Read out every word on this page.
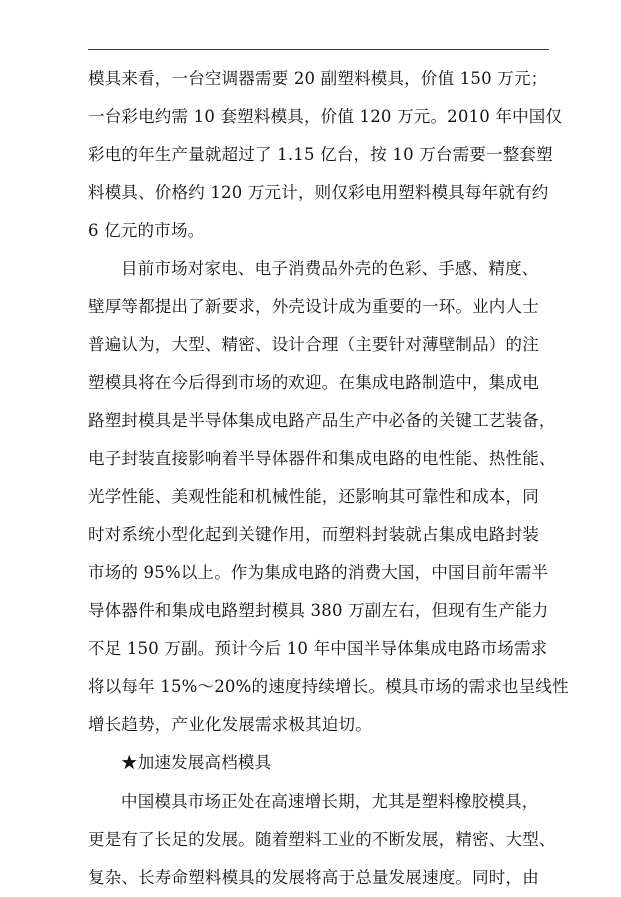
模具来看，一台空调器需要 20 副塑料模具，价值 150 万元；
一台彩电约需 10 套塑料模具，价值 120 万元。2010 年中国仅
彩电的年生产量就超过了 1.15 亿台，按 10 万台需要一整套塑
料模具、价格约 120 万元计，则仅彩电用塑料模具每年就有约
6 亿元的市场。
目前市场对家电、电子消费品外壳的色彩、手感、精度、
壁厚等都提出了新要求，外壳设计成为重要的一环。业内人士
普遍认为，大型、精密、设计合理（主要针对薄壁制品）的注
塑模具将在今后得到市场的欢迎。在集成电路制造中，集成电
路塑封模具是半导体集成电路产品生产中必备的关键工艺装备，
电子封装直接影响着半导体器件和集成电路的电性能、热性能、
光学性能、美观性能和机械性能，还影响其可靠性和成本，同
时对系统小型化起到关键作用，而塑料封装就占集成电路封装
市场的 95%以上。作为集成电路的消费大国，中国目前年需半
导体器件和集成电路塑封模具 380 万副左右，但现有生产能力
不足 150 万副。预计今后 10 年中国半导体集成电路市场需求
将以每年 15%～20%的速度持续增长。模具市场的需求也呈线性
增长趋势，产业化发展需求极其迫切。
★加速发展高档模具
中国模具市场正处在高速增长期，尤其是塑料橡胶模具，
更是有了长足的发展。随着塑料工业的不断发展，精密、大型、
复杂、长寿命塑料模具的发展将高于总量发展速度。同时，由
